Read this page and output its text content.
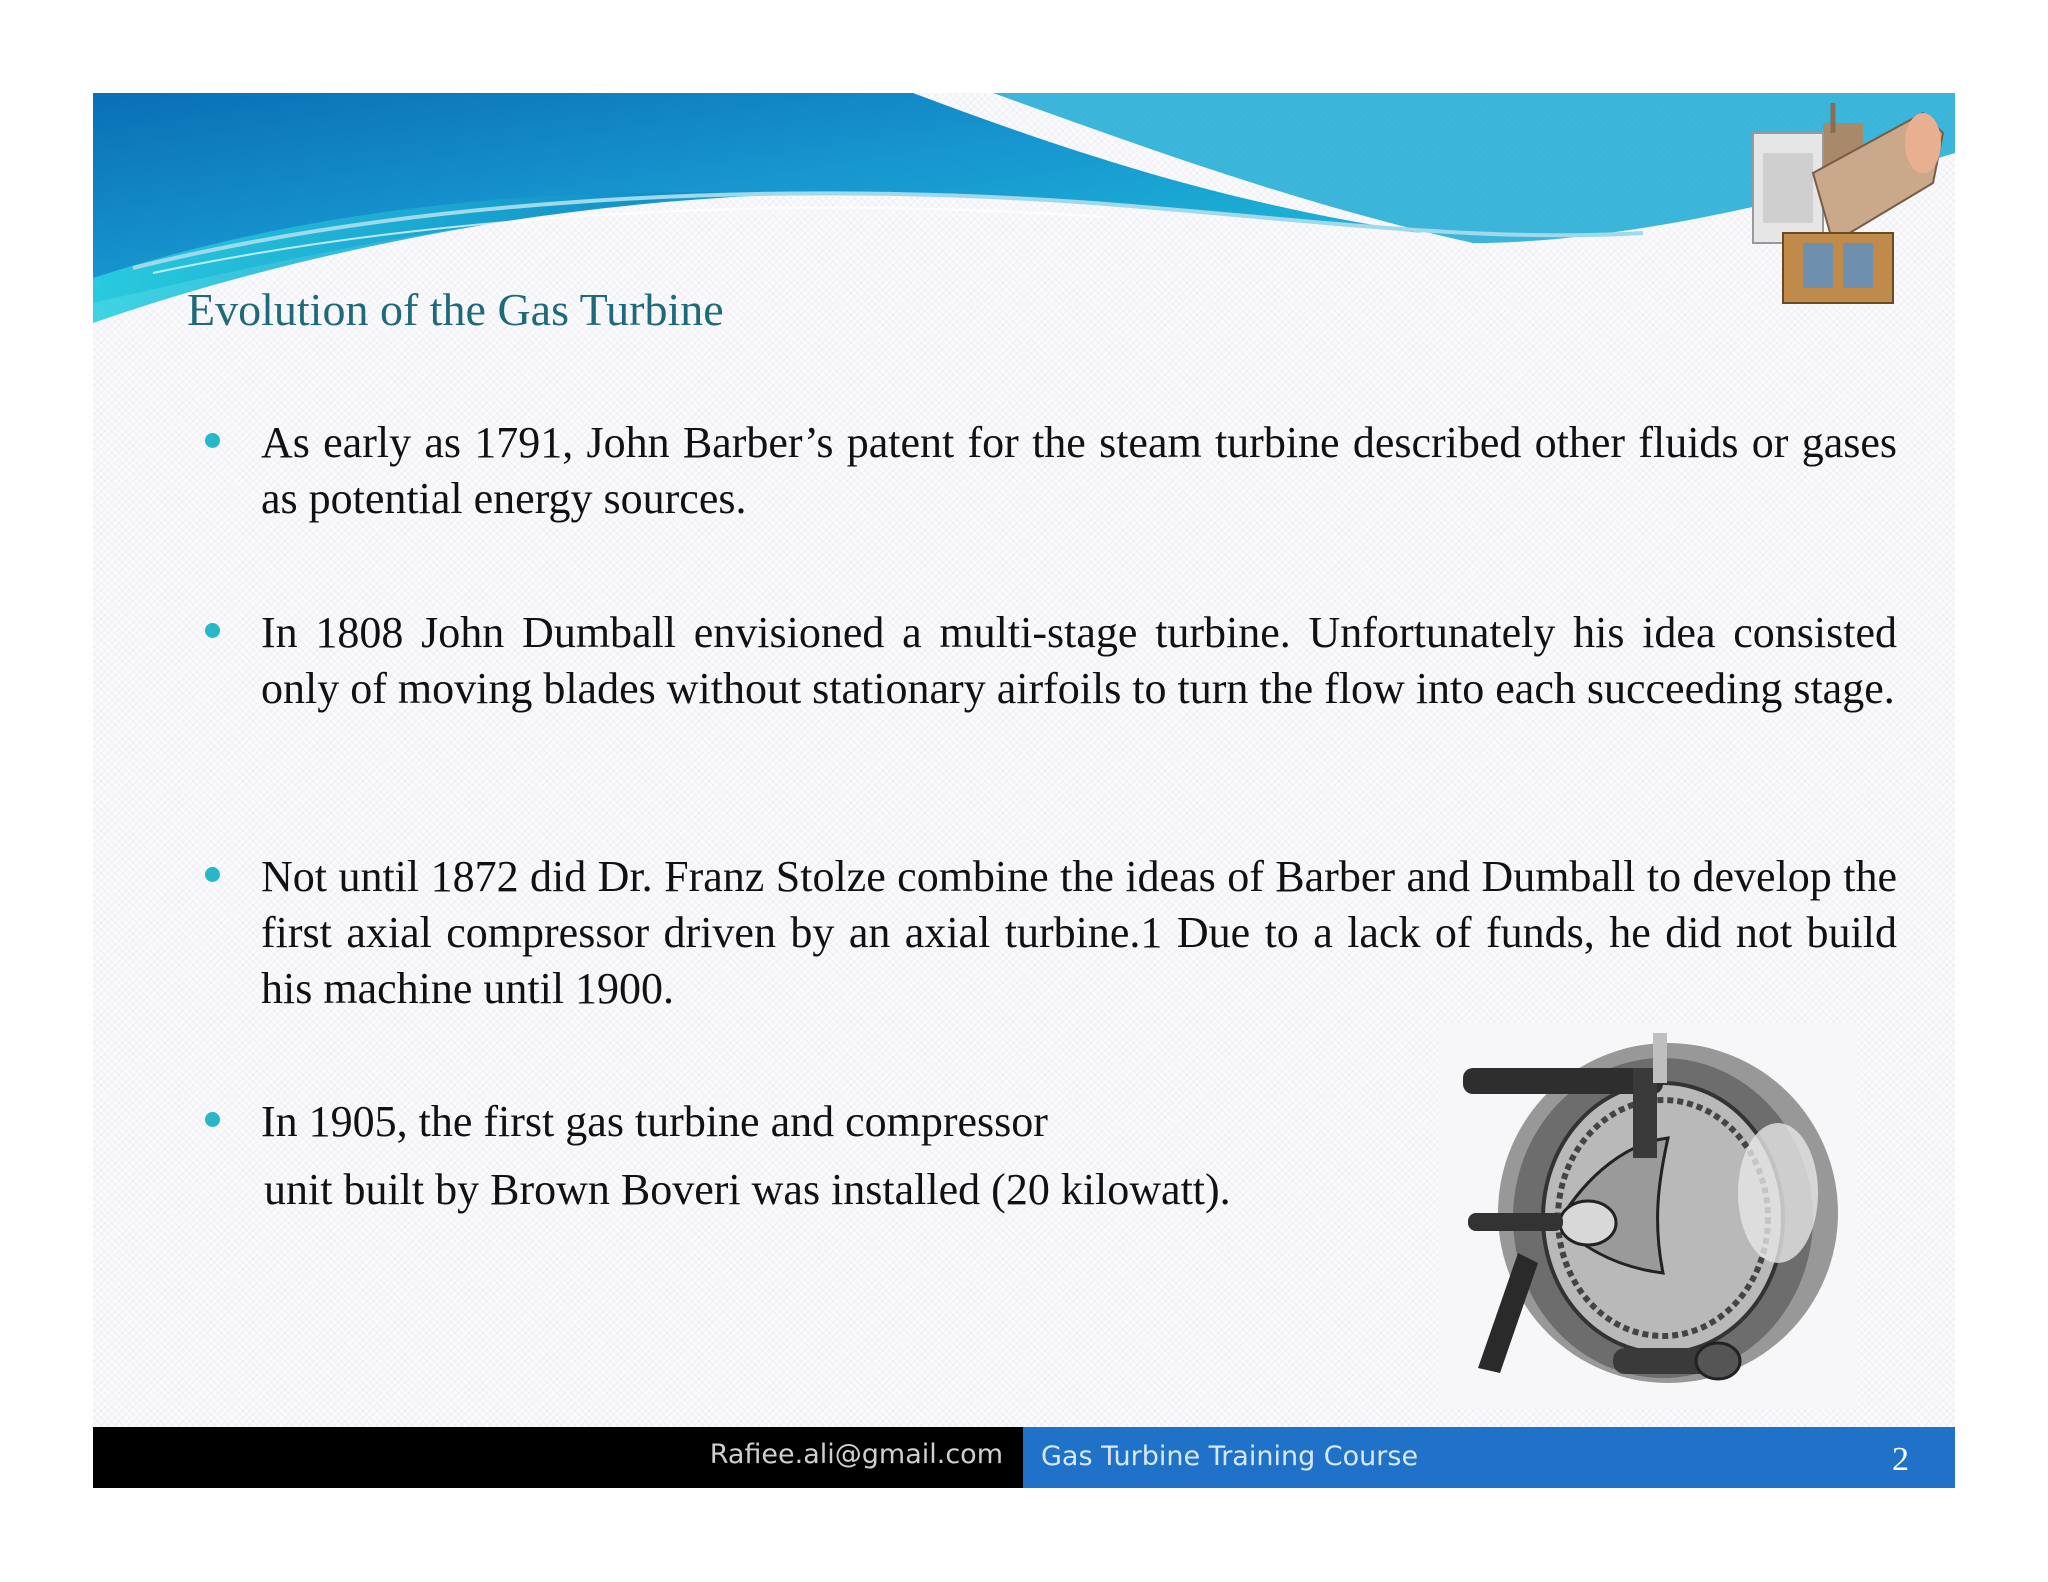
Evolution of the Gas Turbine
As early as 1791, John Barber’s patent for the steam turbine described other fluids or gases as potential energy sources.
In 1808 John Dumball envisioned a multi-stage turbine. Unfortunately his idea consisted only of moving blades without stationary airfoils to turn the flow into each succeeding stage.
Not until 1872 did Dr. Franz Stolze combine the ideas of Barber and Dumball to develop the first axial compressor driven by an axial turbine.1 Due to a lack of funds, he did not build his machine until 1900.
In 1905, the first gas turbine and compressor
unit built by Brown Boveri was installed (20 kilowatt).
Rafiee.ali@gmail.com Gas Turbine Training Course	2
